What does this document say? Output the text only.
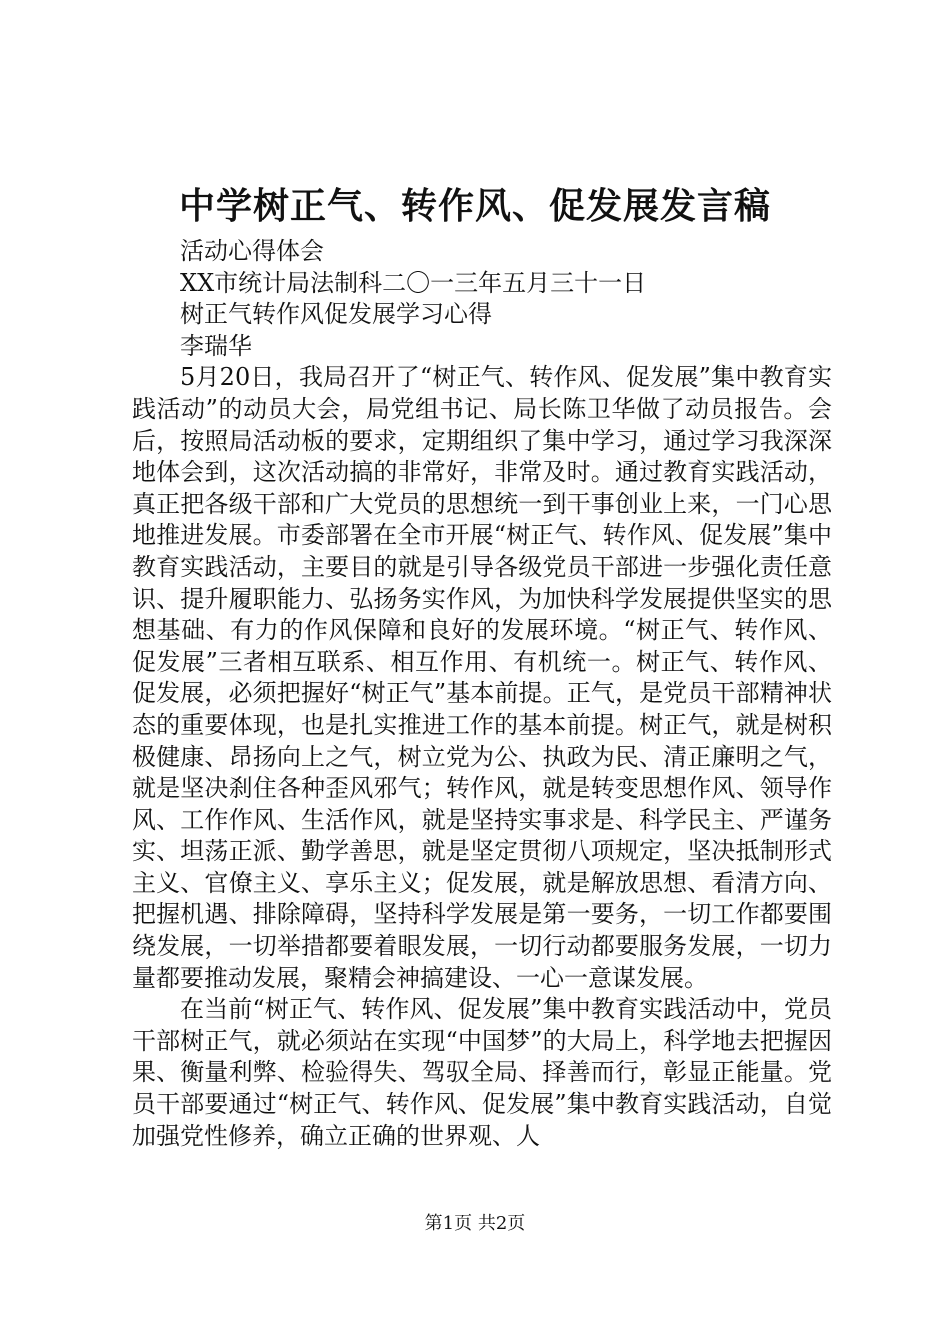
中学树正气、转作风、促发展发言稿

活动心得体会

XX市统计局法制科二〇一三年五月三十一日

树正气转作风促发展学习心得

李瑞华

5月20日，我局召开了“树正气、转作风、促发展”集中教育实践活动”的动员大会，局党组书记、局长陈卫华做了动员报告。会后，按照局活动板的要求，定期组织了集中学习，通过学习我深深地体会到，这次活动搞的非常好，非常及时。通过教育实践活动，真正把各级干部和广大党员的思想统一到干事创业上来，一门心思地推进发展。市委部署在全市开展“树正气、转作风、促发展”集中教育实践活动，主要目的就是引导各级党员干部进一步强化责任意识、提升履职能力、弘扬务实作风，为加快科学发展提供坚实的思想基础、有力的作风保障和良好的发展环境。“树正气、转作风、促发展”三者相互联系、相互作用、有机统一。树正气、转作风、促发展，必须把握好“树正气”基本前提。正气，是党员干部精神状态的重要体现，也是扎实推进工作的基本前提。树正气，就是树积极健康、昂扬向上之气，树立党为公、执政为民、清正廉明之气，就是坚决刹住各种歪风邪气；转作风，就是转变思想作风、领导作风、工作作风、生活作风，就是坚持实事求是、科学民主、严谨务实、坦荡正派、勤学善思，就是坚定贯彻八项规定，坚决抵制形式主义、官僚主义、享乐主义；促发展，就是解放思想、看清方向、把握机遇、排除障碍，坚持科学发展是第一要务，一切工作都要围绕发展，一切举措都要着眼发展，一切行动都要服务发展，一切力量都要推动发展，聚精会神搞建设、一心一意谋发展。

在当前“树正气、转作风、促发展”集中教育实践活动中，党员干部树正气，就必须站在实现“中国梦”的大局上，科学地去把握因果、衡量利弊、检验得失、驾驭全局、择善而行，彰显正能量。党员干部要通过“树正气、转作风、促发展”集中教育实践活动，自觉加强党性修养，确立正确的世界观、人

第1页 共2页
